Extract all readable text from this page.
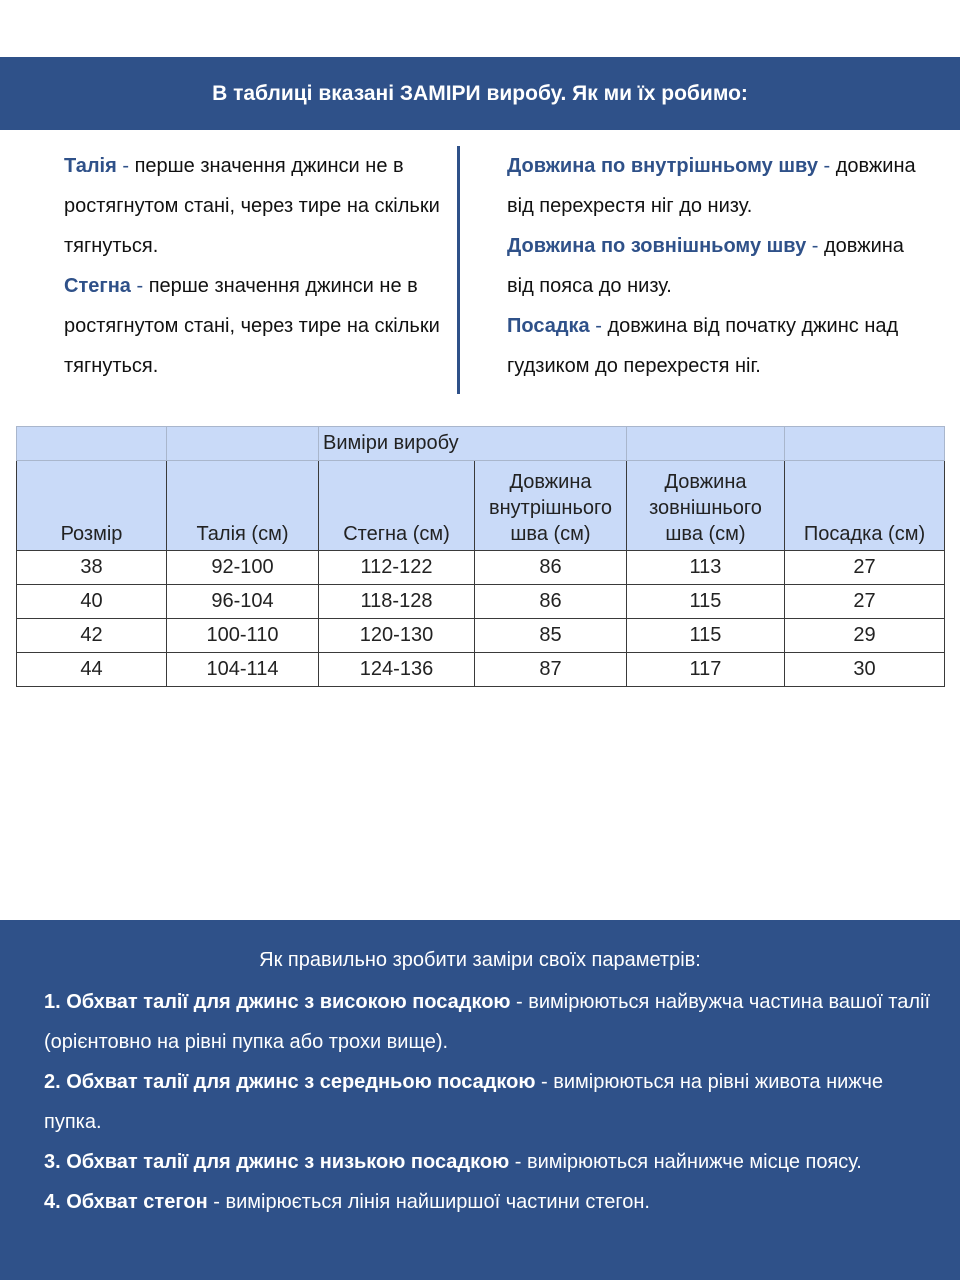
В таблиці вказані ЗАМІРИ виробу. Як ми їх робимо:

Талія - перше значення джинси не в ростягнутом стані, через тире на скільки тягнуться.

Стегна - перше значення джинси не в ростягнутом стані, через тире на скільки тягнуться.

Довжина по внутрішньому шву - довжина від перехрестя ніг до низу.

Довжина по зовнішньому шву - довжина від пояса до низу.

Посадка - довжина від початку джинс над гудзиком до перехрестя ніг.

		Виміри виробу			
Розмір	Талія (см)	Стегна (см)	Довжина
внутрішнього
шва (см)	Довжина
зовнішнього
шва (см)	Посадка (см)
38	92-100	112-122	86	113	27
40	96-104	118-128	86	115	27
42	100-110	120-130	85	115	29
44	104-114	124-136	87	117	30
Як правильно зробити заміри своїх параметрів:

1. Обхват талії для джинс з високою посадкою - вимірюються найвужча частина вашої талії (орієнтовно на рівні пупка або трохи вище).

2. Обхват талії для джинс з середньою посадкою - вимірюються на рівні живота нижче пупка.

3. Обхват талії для джинс з низькою посадкою - вимірюються найнижче місце поясу.

4. Обхват стегон - вимірюється лінія найширшої частини стегон.
